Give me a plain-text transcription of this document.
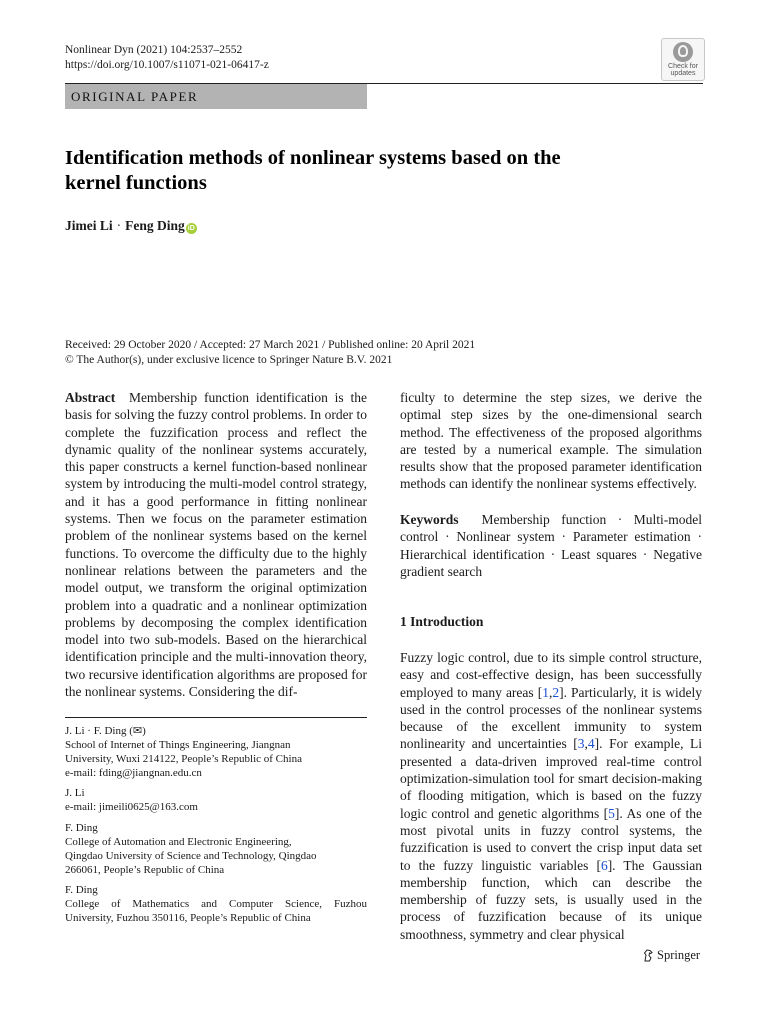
Nonlinear Dyn (2021) 104:2537–2552
https://doi.org/10.1007/s11071-021-06417-z	Check for
updates
ORIGINAL PAPER
Identification methods of nonlinear systems based on the
kernel functions
Jimei Li · Feng Ding iD
Received: 29 October 2020 / Accepted: 27 March 2021 / Published online: 20 April 2021
© The Author(s), under exclusive licence to Springer Nature B.V. 2021
Abstract Membership function identification is the basis for solving the fuzzy control problems. In order to complete the fuzzification process and reflect the dynamic quality of the nonlinear systems accurately, this paper constructs a kernel function-based nonlinear system by introducing the multi-model control strategy, and it has a good performance in fitting nonlinear systems. Then we focus on the parameter estimation problem of the nonlinear systems based on the kernel functions. To overcome the difficulty due to the highly nonlinear relations between the parameters and the model output, we transform the original optimization problem into a quadratic and a nonlinear optimization problems by decomposing the complex identification model into two sub-models. Based on the hierarchical identification principle and the multi-innovation theory, two recursive identification algorithms are proposed for the nonlinear systems. Considering the dif-
ficulty to determine the step sizes, we derive the optimal step sizes by the one-dimensional search method. The effectiveness of the proposed algorithms are tested by a numerical example. The simulation results show that the proposed parameter identification methods can identify the nonlinear systems effectively.
Keywords Membership function · Multi-model control · Nonlinear system · Parameter estimation · Hierarchical identification · Least squares · Negative gradient search
1 Introduction
Fuzzy logic control, due to its simple control structure, easy and cost-effective design, has been successfully employed to many areas [1,2]. Particularly, it is widely used in the control processes of the nonlinear systems because of the excellent immunity to system nonlinearity and uncertainties [3,4]. For example, Li presented a data-driven improved real-time control optimization-simulation tool for smart decision-making of flooding mitigation, which is based on the fuzzy logic control and genetic algorithms [5]. As one of the most pivotal units in fuzzy control systems, the fuzzification is used to convert the crisp input data set to the fuzzy linguistic variables [6]. The Gaussian membership function, which can describe the membership of fuzzy sets, is usually used in the process of fuzzification because of its unique smoothness, symmetry and clear physical
J. Li · F. Ding (✉)
School of Internet of Things Engineering, Jiangnan
University, Wuxi 214122, People’s Republic of China
e-mail: fding@jiangnan.edu.cn
J. Li
e-mail: jimeili0625@163.com
F. Ding
College of Automation and Electronic Engineering,
Qingdao University of Science and Technology, Qingdao
266061, People’s Republic of China
F. Ding
College of Mathematics and Computer Science, Fuzhou
University, Fuzhou 350116, People’s Republic of China
Springer
